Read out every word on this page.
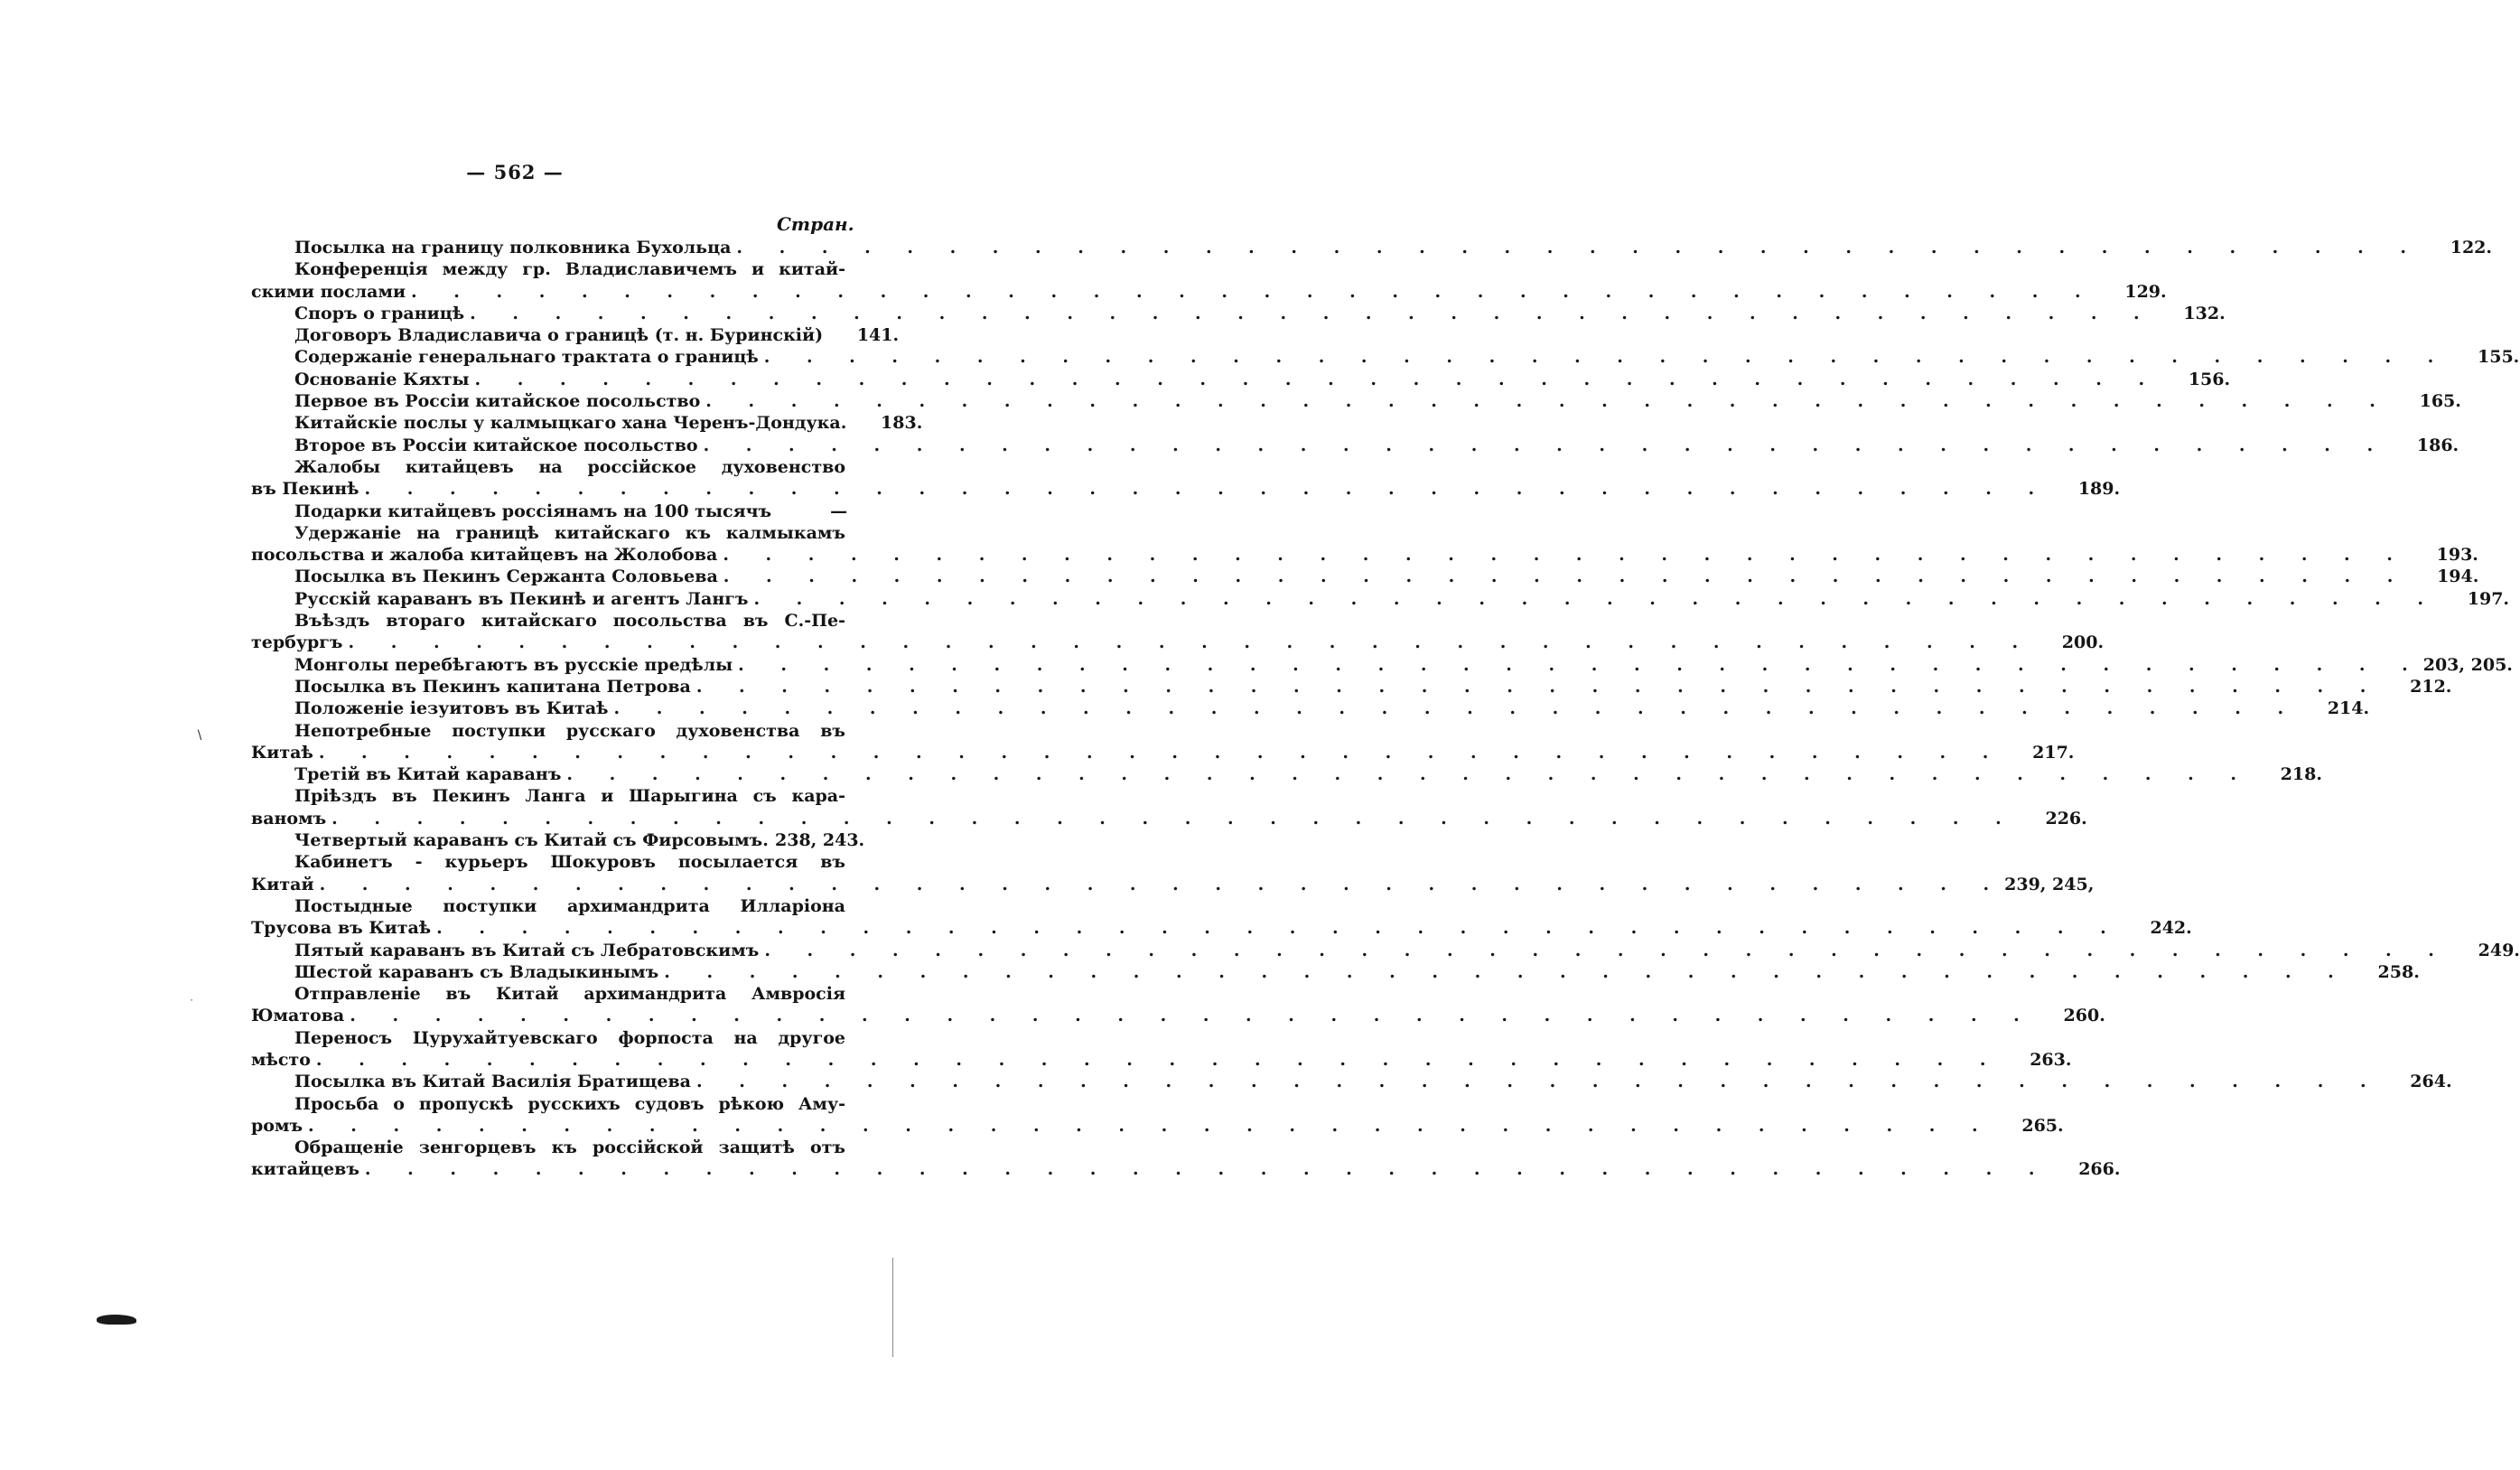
— 562 —
Стран.
Посылка на границу полковника Бухольца . . . . . . . . . . . . . . . . . . . . . . . . . . . . . . . . . . . . . . . .	122.
Конференція между гр. Владиславичемъ и китай-
скими послами . . . . . . . . . . . . . . . . . . . . . . . . . . . . . . . . . . . . . . . .	129.
Споръ о границѣ . . . . . . . . . . . . . . . . . . . . . . . . . . . . . . . . . . . . . . . .	132.
Договоръ Владиславича о границѣ (т. н. Буринскій)	141.
Содержаніе генеральнаго трактата о границѣ . . . . . . . . . . . . . . . . . . . . . . . . . . . . . . . . . . . . . . . .	155.
Основаніе Кяхты . . . . . . . . . . . . . . . . . . . . . . . . . . . . . . . . . . . . . . . .	156.
Первое въ Россіи китайское посольство . . . . . . . . . . . . . . . . . . . . . . . . . . . . . . . . . . . . . . . .	165.
Китайскіе послы у калмыцкаго хана Черенъ-Дондука.	183.
Второе въ Россіи китайское посольство . . . . . . . . . . . . . . . . . . . . . . . . . . . . . . . . . . . . . . . .	186.
Жалобы китайцевъ на россійское духовенство
въ Пекинѣ . . . . . . . . . . . . . . . . . . . . . . . . . . . . . . . . . . . . . . . .	189.
Подарки китайцевъ россіянамъ на 100 тысячъ	—
Удержаніе на границѣ китайскаго къ калмыкамъ
посольства и жалоба китайцевъ на Жолобова . . . . . . . . . . . . . . . . . . . . . . . . . . . . . . . . . . . . . . . .	193.
Посылка въ Пекинъ Сержанта Соловьева . . . . . . . . . . . . . . . . . . . . . . . . . . . . . . . . . . . . . . . .	194.
Русскій караванъ въ Пекинѣ и агентъ Лангъ . . . . . . . . . . . . . . . . . . . . . . . . . . . . . . . . . . . . . . . .	197.
Въѣздъ втораго китайскаго посольства въ С.-Пе-
тербургъ . . . . . . . . . . . . . . . . . . . . . . . . . . . . . . . . . . . . . . . .	200.
Монголы перебѣгаютъ въ русскіе предѣлы . . . . . . . . . . . . . . . . . . . . . . . . . . . . . . . . . . . . . . . . 203, 205.
Посылка въ Пекинъ капитана Петрова . . . . . . . . . . . . . . . . . . . . . . . . . . . . . . . . . . . . . . . .	212.
Положеніе іезуитовъ въ Китаѣ . . . . . . . . . . . . . . . . . . . . . . . . . . . . . . . . . . . . . . . .	214.
Непотребные поступки русскаго духовенства въ
Китаѣ . . . . . . . . . . . . . . . . . . . . . . . . . . . . . . . . . . . . . . . .	217.
Третій въ Китай караванъ . . . . . . . . . . . . . . . . . . . . . . . . . . . . . . . . . . . . . . . .	218.
Пріѣздъ въ Пекинъ Ланга и Шарыгина съ кара-
ваномъ . . . . . . . . . . . . . . . . . . . . . . . . . . . . . . . . . . . . . . . .	226.
Четвертый караванъ съ Китай съ Фирсовымъ. 238, 243.
Кабинетъ - курьеръ Шокуровъ посылается въ
Китай . . . . . . . . . . . . . . . . . . . . . . . . . . . . . . . . . . . . . . . . 239, 245,
Постыдные поступки архимандрита Илларіона
Трусова въ Китаѣ . . . . . . . . . . . . . . . . . . . . . . . . . . . . . . . . . . . . . . . .	242.
Пятый караванъ въ Китай съ Лебратовскимъ . . . . . . . . . . . . . . . . . . . . . . . . . . . . . . . . . . . . . . . .	249.
Шестой караванъ съ Владыкинымъ . . . . . . . . . . . . . . . . . . . . . . . . . . . . . . . . . . . . . . . .	258.
Отправленіе въ Китай архимандрита Амвросія
Юматова . . . . . . . . . . . . . . . . . . . . . . . . . . . . . . . . . . . . . . . .	260.
Переносъ Цурухайтуевскаго форпоста на другое
мѣсто . . . . . . . . . . . . . . . . . . . . . . . . . . . . . . . . . . . . . . . .	263.
Посылка въ Китай Василія Братищева . . . . . . . . . . . . . . . . . . . . . . . . . . . . . . . . . . . . . . . .	264.
Просьба о пропускѣ русскихъ судовъ рѣкою Аму-
ромъ . . . . . . . . . . . . . . . . . . . . . . . . . . . . . . . . . . . . . . . .	265.
Обращеніе зенгорцевъ къ россійской защитѣ отъ
китайцевъ . . . . . . . . . . . . . . . . . . . . . . . . . . . . . . . . . . . . . . . .	266.
∖
⋅
